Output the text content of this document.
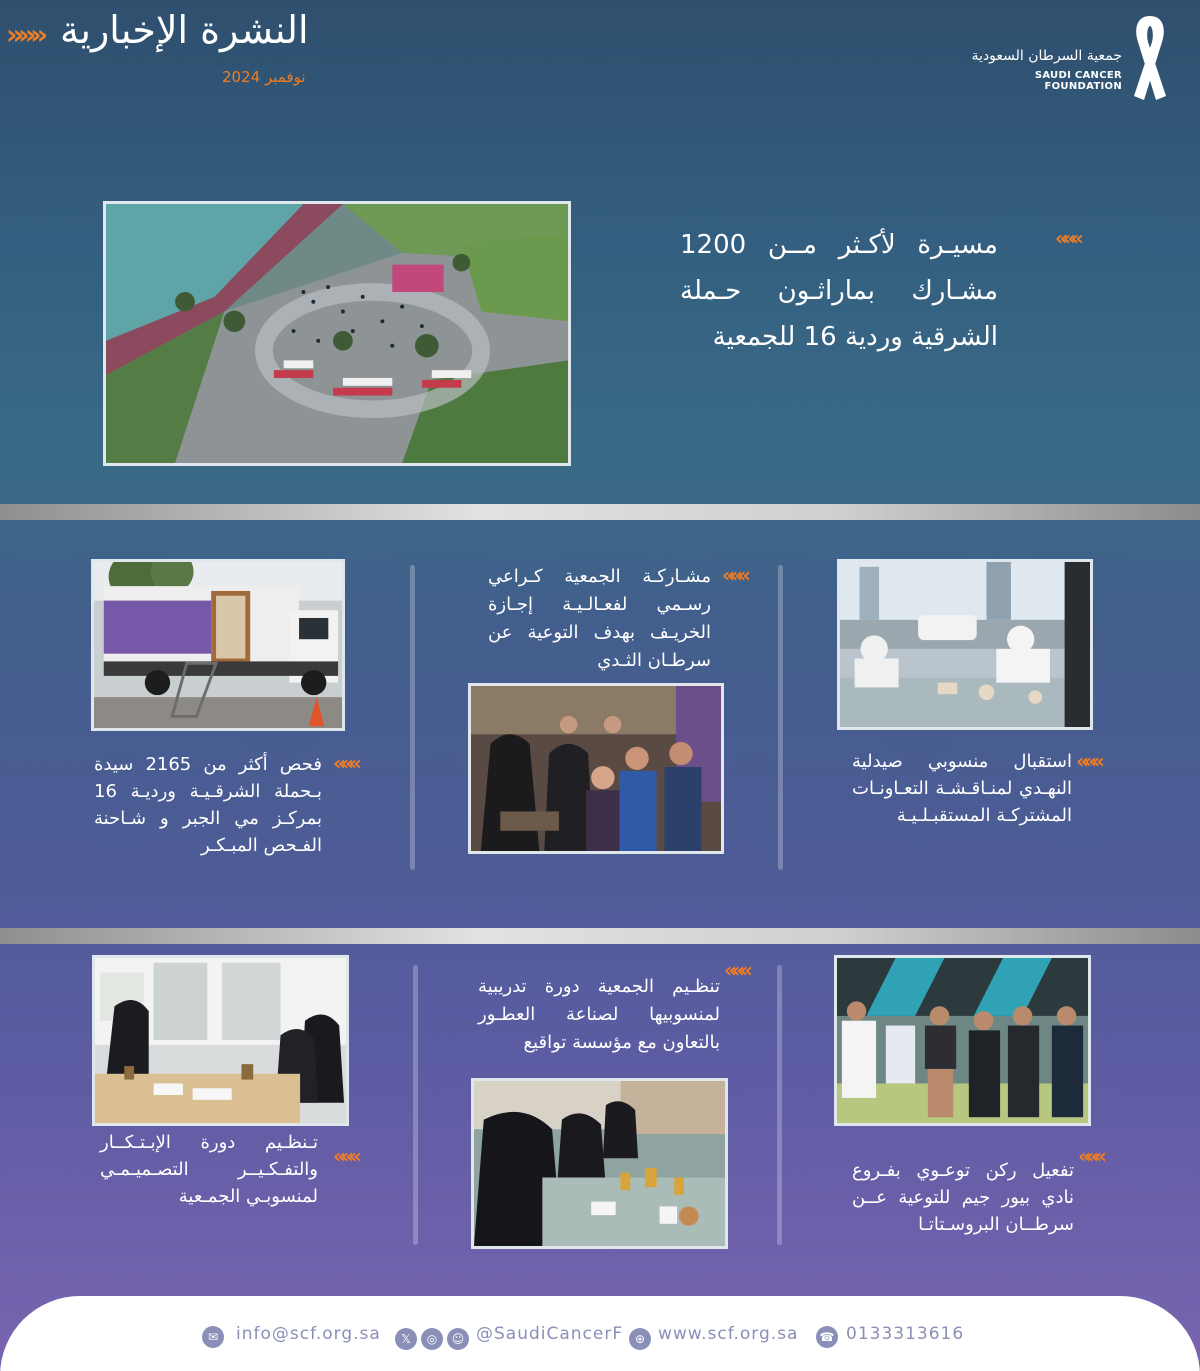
»»» النشرة الإخبارية
نوفمبر 2024
جمعية السرطان السعودية
SAUDI CANCER FOUNDATION
«««
مسيـرة لأكـثر مــن 1200 مشـارك بماراثـون حـملة الشرقية وردية 16 للجمعية
«««
استقبال منسوبي صيدلية النهـدي لمنـاقـشـة التعـاونـات المشتركـة المستقبـلـيـة
«««
مشـاركـة الجمعية كـراعي رسـمي لفعـالـيـة إجـازة الخريـف بهدف التوعية عن سرطـان الثـدي
«««
فحص أكثر من 2165 سيدة بـحملة الشرقـيـة ورديـة 16 بمركـز مي الجبر و شـاحنة الفـحص المبـكـر
«««
تفعيل ركن توعـوي بفـروع نادي بيور جيم للتوعية عــن سرطــان البروسـتاتـا
«««
تنظـيم الجمعية دورة تدريبية لمنسوبيها لصناعة العطـور بالتعاون مع مؤسسة تواقيع
«««
تـنظـيم دورة الإبـتـكــار والتفـكـيــر التصـميـمـي لمنسوبـي الجمـعية
✉	info@scf.org.sa	𝕏	◎	☺ @SaudiCancerF ⊕ www.scf.org.sa ☎ 0133313616
